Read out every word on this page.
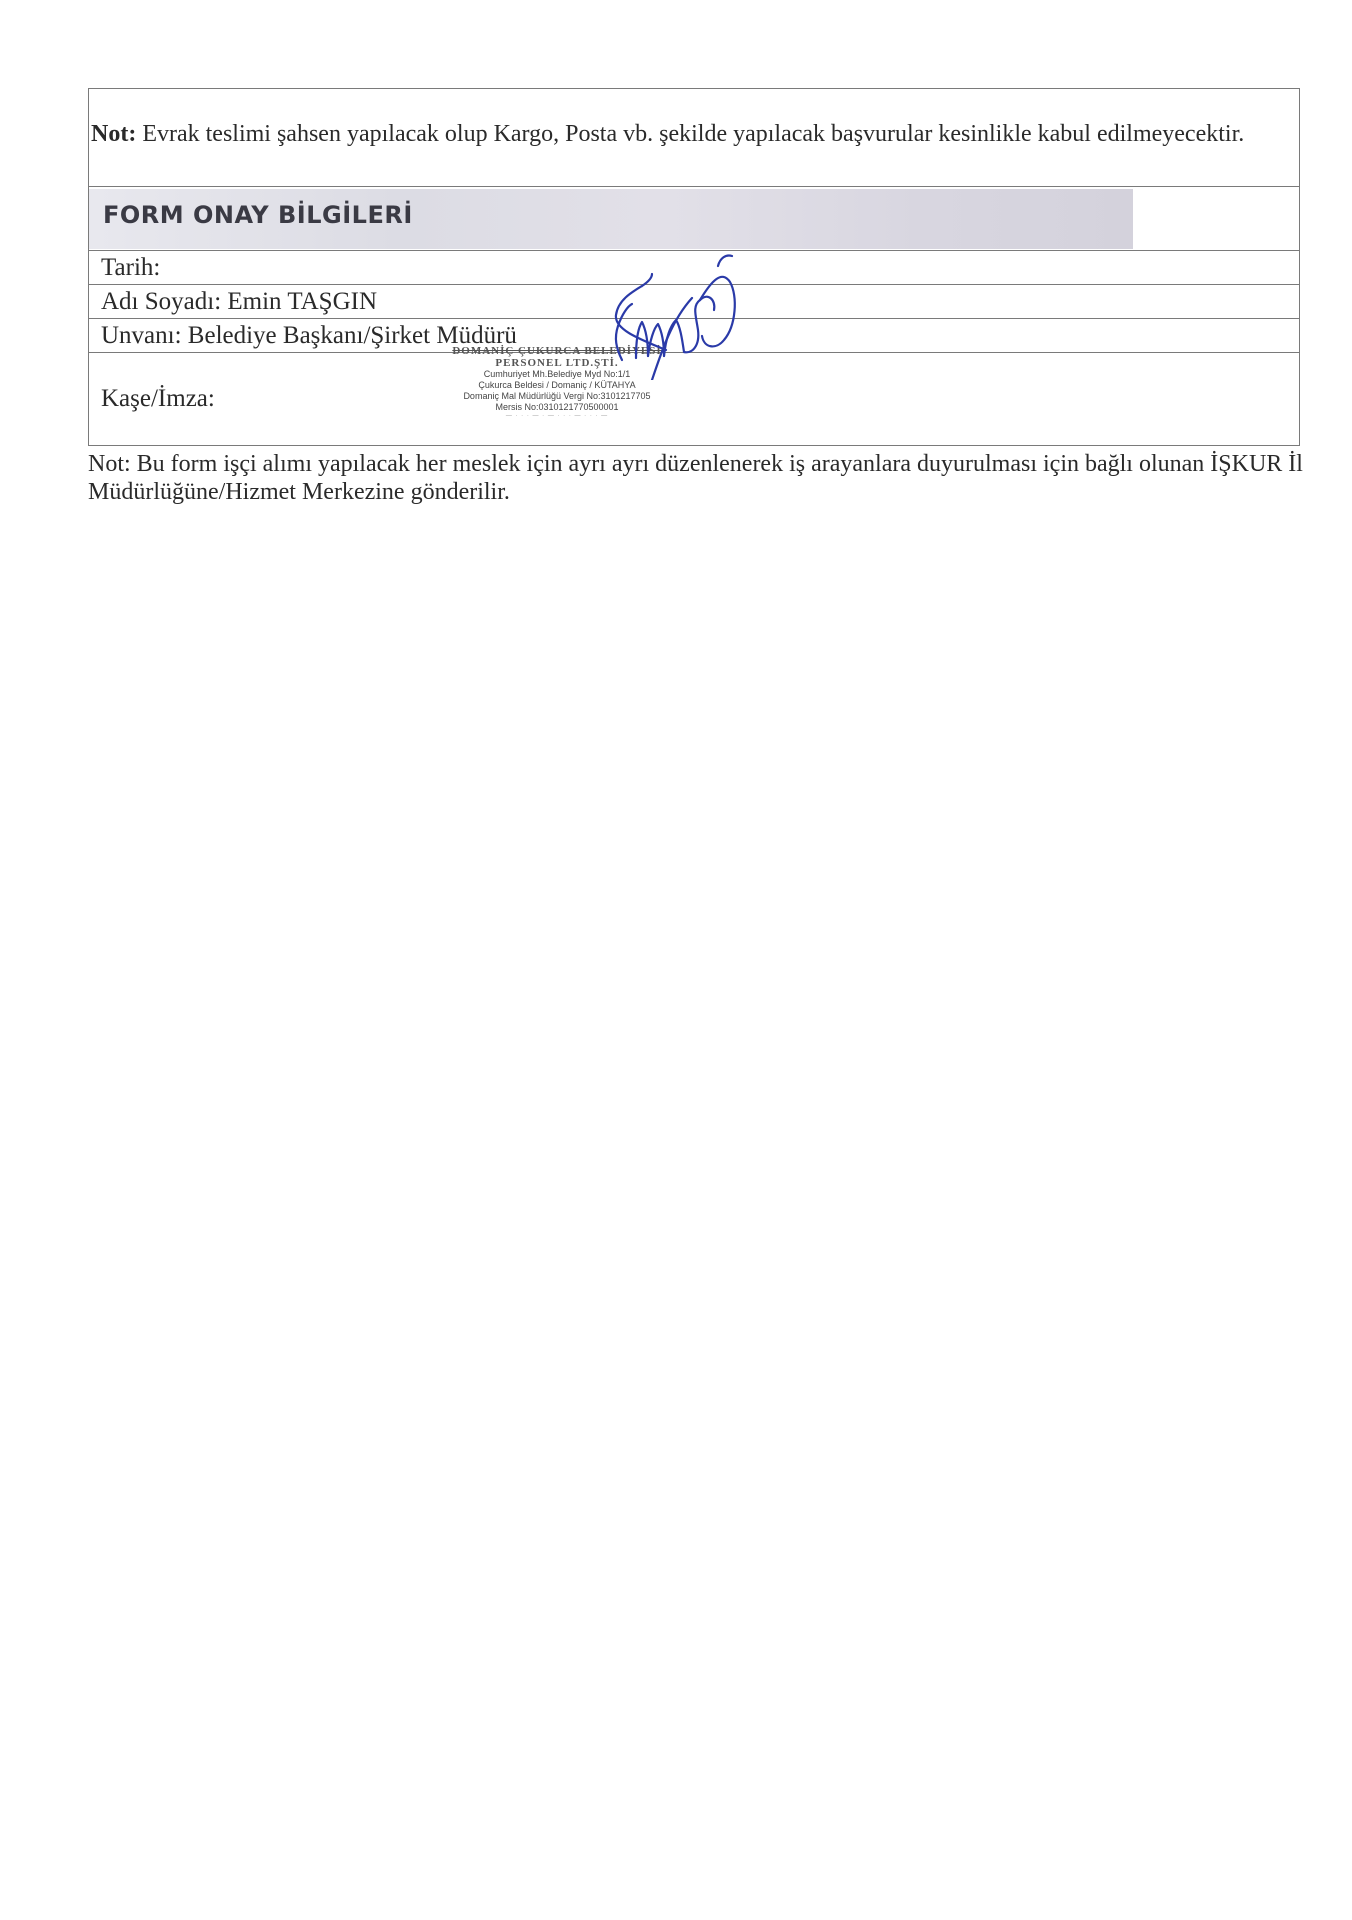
Not: Evrak teslimi şahsen yapılacak olup Kargo, Posta vb. şekilde yapılacak başvurular kesinlikle kabul edilmeyecektir.
FORM ONAY BİLGİLERİ
Tarih:
Adı Soyadı: Emin TAŞGIN
Unvanı: Belediye Başkanı/Şirket Müdürü
Kaşe/İmza:
DOMANİÇ ÇUKURCA BELEDİYESİ
PERSONEL LTD.ŞTİ.
Cumhuriyet Mh.Belediye Myd No:1/1
Çukurca Beldesi / Domaniç / KÜTAHYA
Domaniç Mal Müdürlüğü Vergi No:3101217705
Mersis No:0310121770500001
— · · · — · — · · · — · · · —
Not: Bu form işçi alımı yapılacak her meslek için ayrı ayrı düzenlenerek iş arayanlara duyurulması için bağlı olunan İŞKUR İl Müdürlüğüne/Hizmet Merkezine gönderilir.
